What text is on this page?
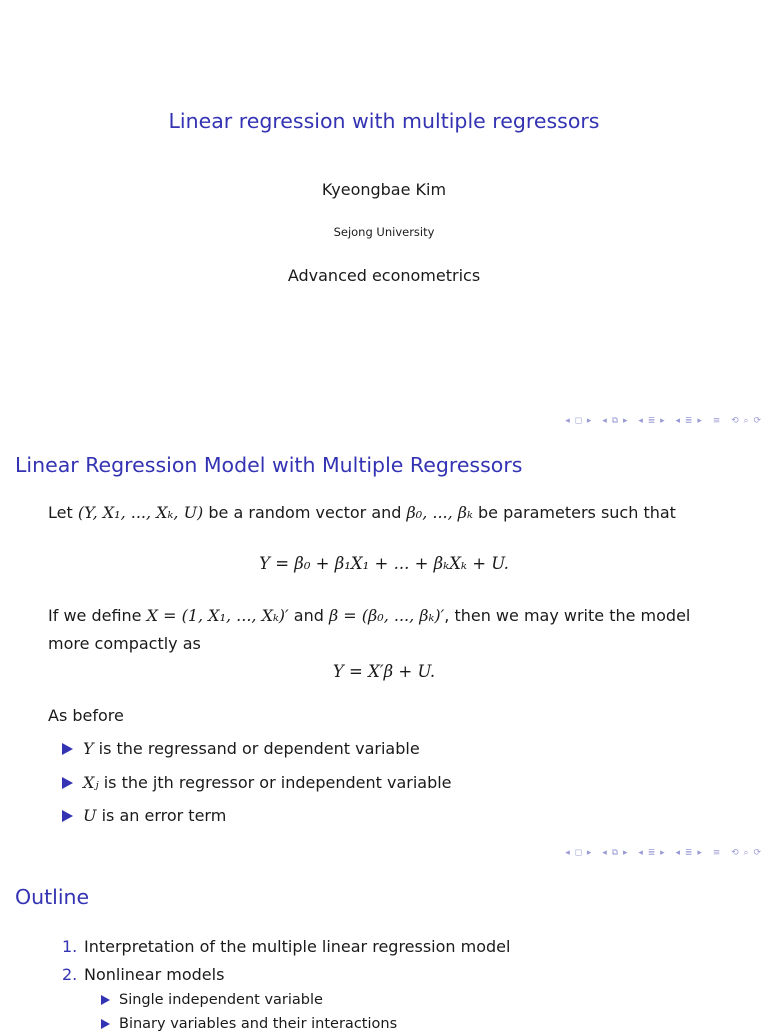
Linear regression with multiple regressors
Kyeongbae Kim
Sejong University
Advanced econometrics
◂ ◻ ▸ ◂ ⧉ ▸ ◂ ≣ ▸ ◂ ≣ ▸ ≡ ⟲ ⌕ ⟳
Linear Regression Model with Multiple Regressors
Let (Y, X₁, ..., Xₖ, U) be a random vector and β₀, ..., βₖ be parameters such that
Y = β₀ + β₁X₁ + ... + βₖXₖ + U.
If we define X = (1, X₁, ..., Xₖ)′ and β = (β₀, ..., βₖ)′, then we may write the model
more compactly as
Y = X′β + U.
As before
Y is the regressand or dependent variable
Xⱼ is the jth regressor or independent variable
U is an error term
◂ ◻ ▸ ◂ ⧉ ▸ ◂ ≣ ▸ ◂ ≣ ▸ ≡ ⟲ ⌕ ⟳
Outline
1. Interpretation of the multiple linear regression model
2. Nonlinear models
Single independent variable
Binary variables and their interactions
